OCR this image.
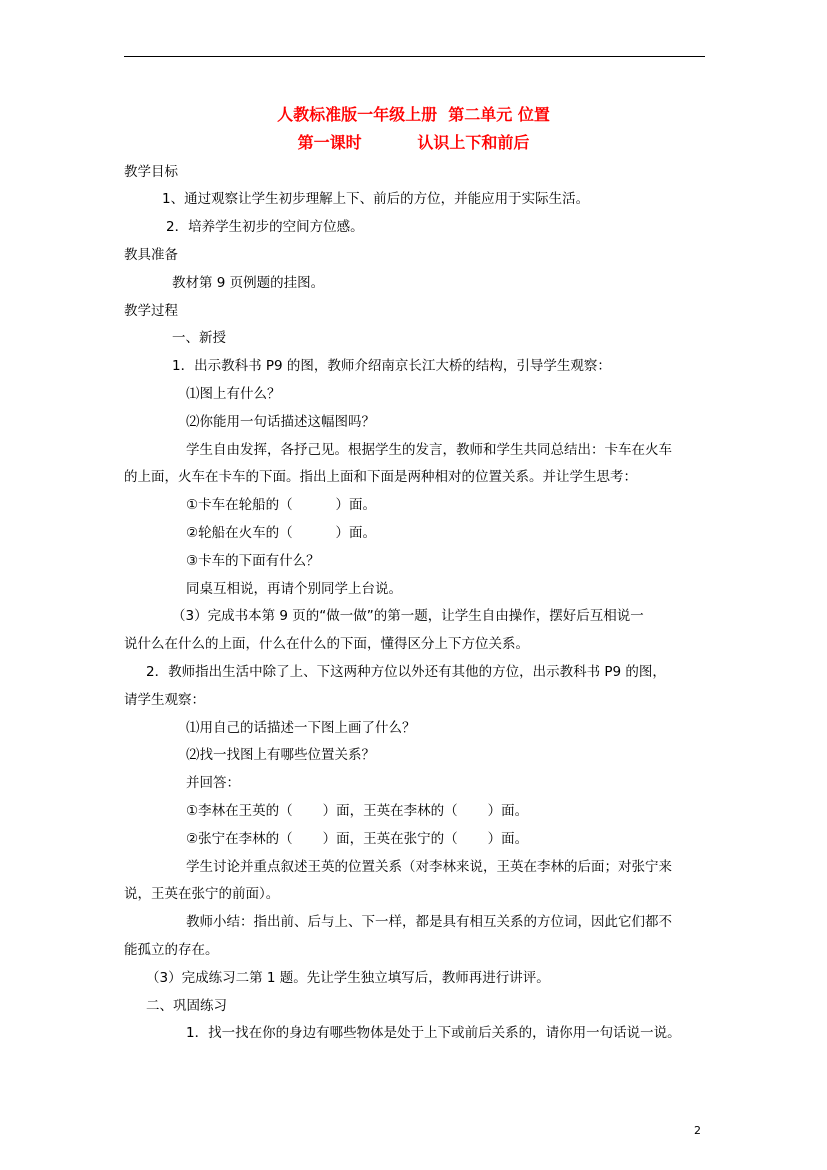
人教标准版一年级上册  第二单元 位置
第一课时          认识上下和前后
教学目标
1、通过观察让学生初步理解上下、前后的方位，并能应用于实际生活。
2．培养学生初步的空间方位感。
教具准备
教材第 9 页例题的挂图。
教学过程
一、新授
1．出示教科书 P9 的图，教师介绍南京长江大桥的结构，引导学生观察：
⑴图上有什么？
⑵你能用一句话描述这幅图吗？
学生自由发挥，各抒己见。根据学生的发言，教师和学生共同总结出：卡车在火车
的上面，火车在卡车的下面。指出上面和下面是两种相对的位置关系。并让学生思考：
①卡车在轮船的（          ）面。
②轮船在火车的（          ）面。
③卡车的下面有什么？
同桌互相说，再请个别同学上台说。
（3）完成书本第 9 页的“做一做”的第一题，让学生自由操作，摆好后互相说一
说什么在什么的上面，什么在什么的下面，懂得区分上下方位关系。
2．教师指出生活中除了上、下这两种方位以外还有其他的方位，出示教科书 P9 的图，
请学生观察：
⑴用自己的话描述一下图上画了什么？
⑵找一找图上有哪些位置关系？
并回答：
①李林在王英的（       ）面，王英在李林的（       ）面。
②张宁在李林的（       ）面，王英在张宁的（       ）面。
学生讨论并重点叙述王英的位置关系（对李林来说，王英在李林的后面；对张宁来
说，王英在张宁的前面）。
教师小结：指出前、后与上、下一样，都是具有相互关系的方位词，因此它们都不
能孤立的存在。
（3）完成练习二第 1 题。先让学生独立填写后，教师再进行讲评。
二、巩固练习
1．找一找在你的身边有哪些物体是处于上下或前后关系的，请你用一句话说一说。
2
